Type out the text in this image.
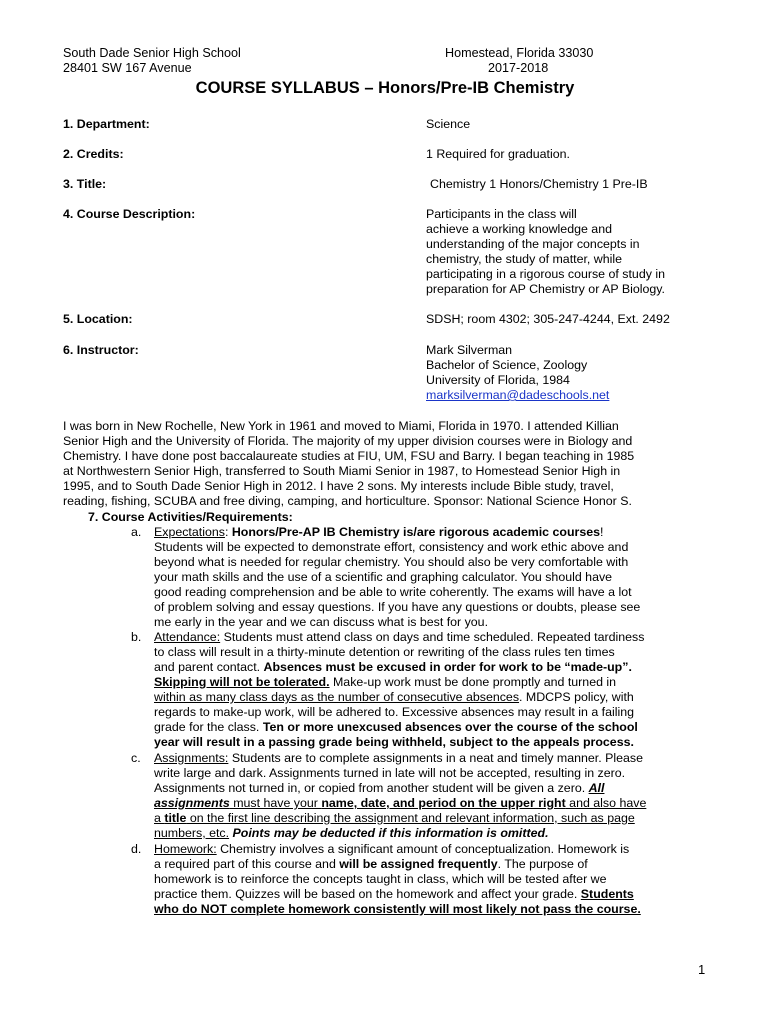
South Dade Senior High School
28401 SW 167 Avenue
Homestead, Florida 33030
2017-2018
COURSE SYLLABUS – Honors/Pre-IB Chemistry
1. Department:	Science
2. Credits:	1 Required for graduation.
3. Title:	Chemistry 1 Honors/Chemistry 1 Pre-IB
4. Course Description:	Participants in the class will
achieve a working knowledge and
understanding of the major concepts in
chemistry, the study of matter, while
participating in a rigorous course of study in
preparation for AP Chemistry or AP Biology.
5. Location:	SDSH; room 4302; 305-247-4244, Ext. 2492
6. Instructor:	Mark Silverman
Bachelor of Science, Zoology
University of Florida, 1984
marksilverman@dadeschools.net
I was born in New Rochelle, New York in 1961 and moved to Miami, Florida in 1970. I attended Killian
Senior High and the University of Florida. The majority of my upper division courses were in Biology and
Chemistry. I have done post baccalaureate studies at FIU, UM, FSU and Barry. I began teaching in 1985
at Northwestern Senior High, transferred to South Miami Senior in 1987, to Homestead Senior High in
1995, and to South Dade Senior High in 2012. I have 2 sons. My interests include Bible study, travel,
reading, fishing, SCUBA and free diving, camping, and horticulture. Sponsor: National Science Honor S.
7. Course Activities/Requirements:
a. Expectations: Honors/Pre-AP IB Chemistry is/are rigorous academic courses!
Students will be expected to demonstrate effort, consistency and work ethic above and
beyond what is needed for regular chemistry. You should also be very comfortable with
your math skills and the use of a scientific and graphing calculator. You should have
good reading comprehension and be able to write coherently. The exams will have a lot
of problem solving and essay questions. If you have any questions or doubts, please see
me early in the year and we can discuss what is best for you.
b. Attendance: Students must attend class on days and time scheduled. Repeated tardiness
to class will result in a thirty-minute detention or rewriting of the class rules ten times
and parent contact. Absences must be excused in order for work to be “made-up”.
Skipping will not be tolerated. Make-up work must be done promptly and turned in
within as many class days as the number of consecutive absences. MDCPS policy, with
regards to make-up work, will be adhered to. Excessive absences may result in a failing
grade for the class. Ten or more unexcused absences over the course of the school
year will result in a passing grade being withheld, subject to the appeals process.
c. Assignments: Students are to complete assignments in a neat and timely manner. Please
write large and dark. Assignments turned in late will not be accepted, resulting in zero.
Assignments not turned in, or copied from another student will be given a zero. All
assignments must have your name, date, and period on the upper right and also have
a title on the first line describing the assignment and relevant information, such as page
numbers, etc. Points may be deducted if this information is omitted.
d. Homework: Chemistry involves a significant amount of conceptualization. Homework is
a required part of this course and will be assigned frequently. The purpose of
homework is to reinforce the concepts taught in class, which will be tested after we
practice them. Quizzes will be based on the homework and affect your grade. Students
who do NOT complete homework consistently will most likely not pass the course.
1
